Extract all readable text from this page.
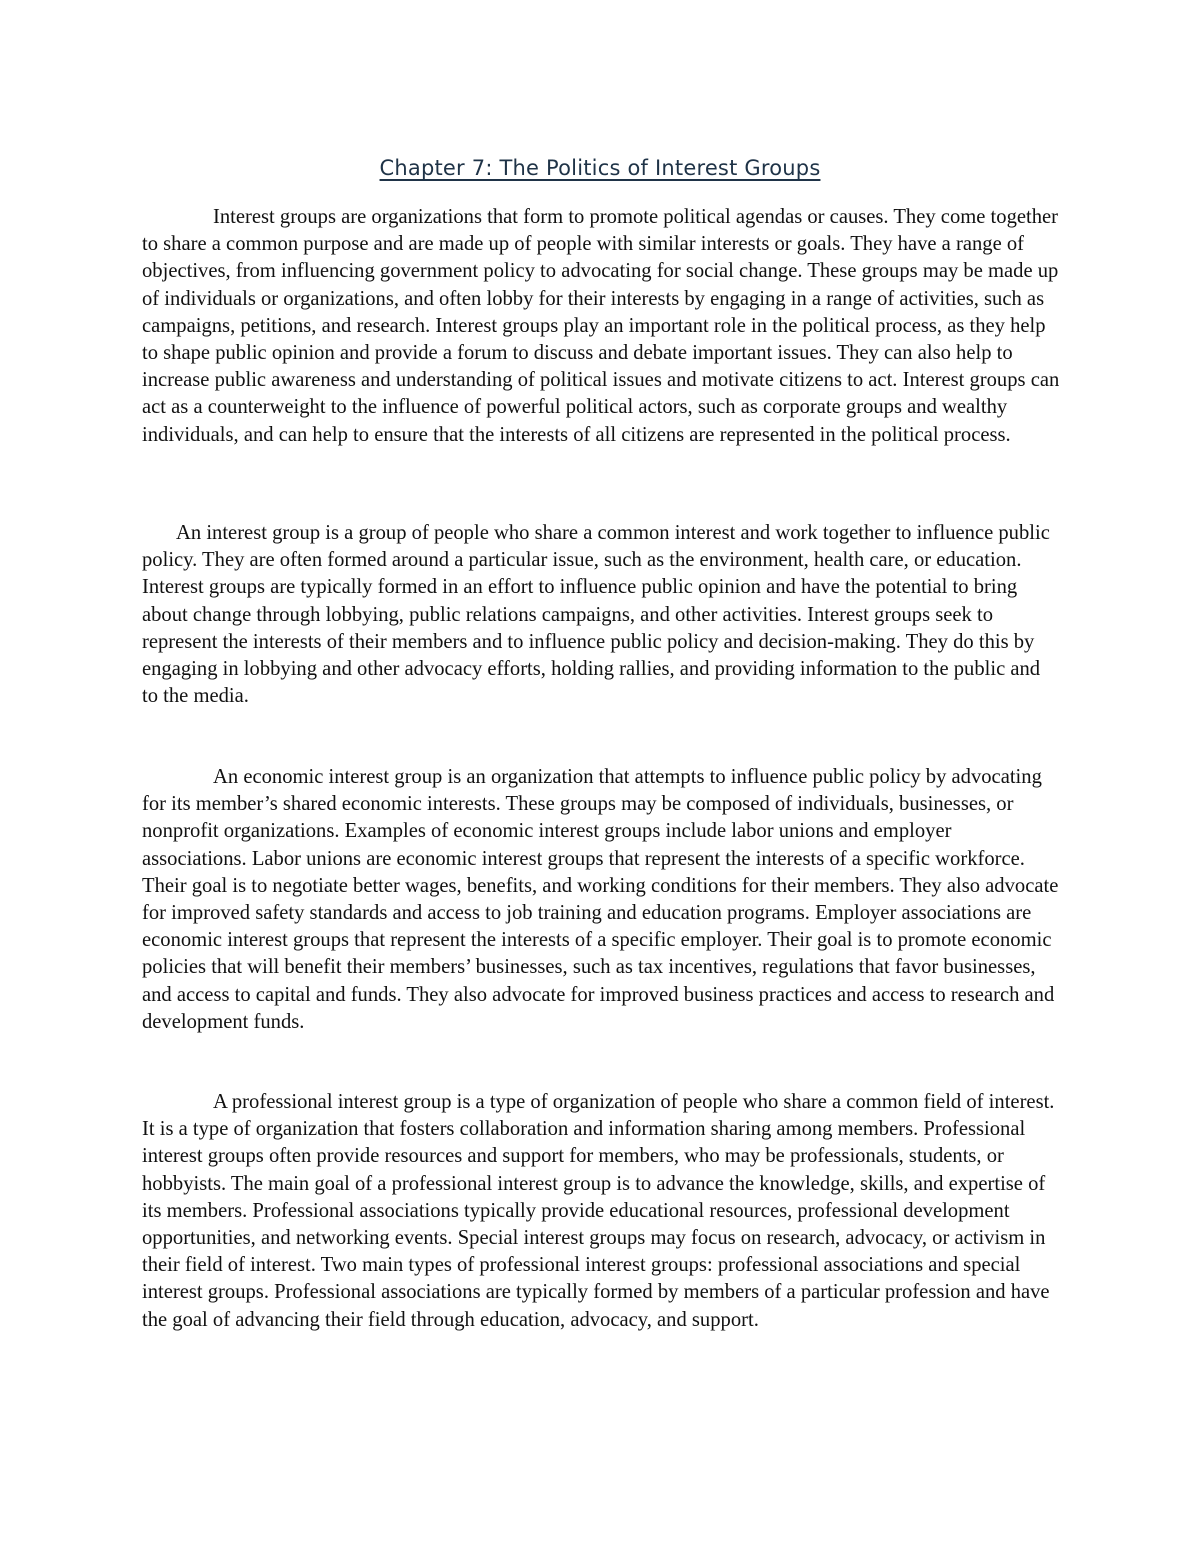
Chapter 7: The Politics of Interest Groups

Interest groups are organizations that form to promote political agendas or causes. They come together to share a common purpose and are made up of people with similar interests or goals. They have a range of objectives, from influencing government policy to advocating for social change. These groups may be made up of individuals or organizations, and often lobby for their interests by engaging in a range of activities, such as campaigns, petitions, and research. Interest groups play an important role in the political process, as they help to shape public opinion and provide a forum to discuss and debate important issues. They can also help to increase public awareness and understanding of political issues and motivate citizens to act. Interest groups can act as a counterweight to the influence of powerful political actors, such as corporate groups and wealthy individuals, and can help to ensure that the interests of all citizens are represented in the political process.

An interest group is a group of people who share a common interest and work together to influence public policy. They are often formed around a particular issue, such as the environment, health care, or education. Interest groups are typically formed in an effort to influence public opinion and have the potential to bring about change through lobbying, public relations campaigns, and other activities. Interest groups seek to represent the interests of their members and to influence public policy and decision-making. They do this by engaging in lobbying and other advocacy efforts, holding rallies, and providing information to the public and to the media.

An economic interest group is an organization that attempts to influence public policy by advocating for its member’s shared economic interests. These groups may be composed of individuals, businesses, or nonprofit organizations. Examples of economic interest groups include labor unions and employer associations. Labor unions are economic interest groups that represent the interests of a specific workforce. Their goal is to negotiate better wages, benefits, and working conditions for their members. They also advocate for improved safety standards and access to job training and education programs. Employer associations are economic interest groups that represent the interests of a specific employer. Their goal is to promote economic policies that will benefit their members’ businesses, such as tax incentives, regulations that favor businesses, and access to capital and funds. They also advocate for improved business practices and access to research and development funds.

A professional interest group is a type of organization of people who share a common field of interest. It is a type of organization that fosters collaboration and information sharing among members. Professional interest groups often provide resources and support for members, who may be professionals, students, or hobbyists. The main goal of a professional interest group is to advance the knowledge, skills, and expertise of its members. Professional associations typically provide educational resources, professional development opportunities, and networking events. Special interest groups may focus on research, advocacy, or activism in their field of interest. Two main types of professional interest groups: professional associations and special interest groups. Professional associations are typically formed by members of a particular profession and have the goal of advancing their field through education, advocacy, and support.
